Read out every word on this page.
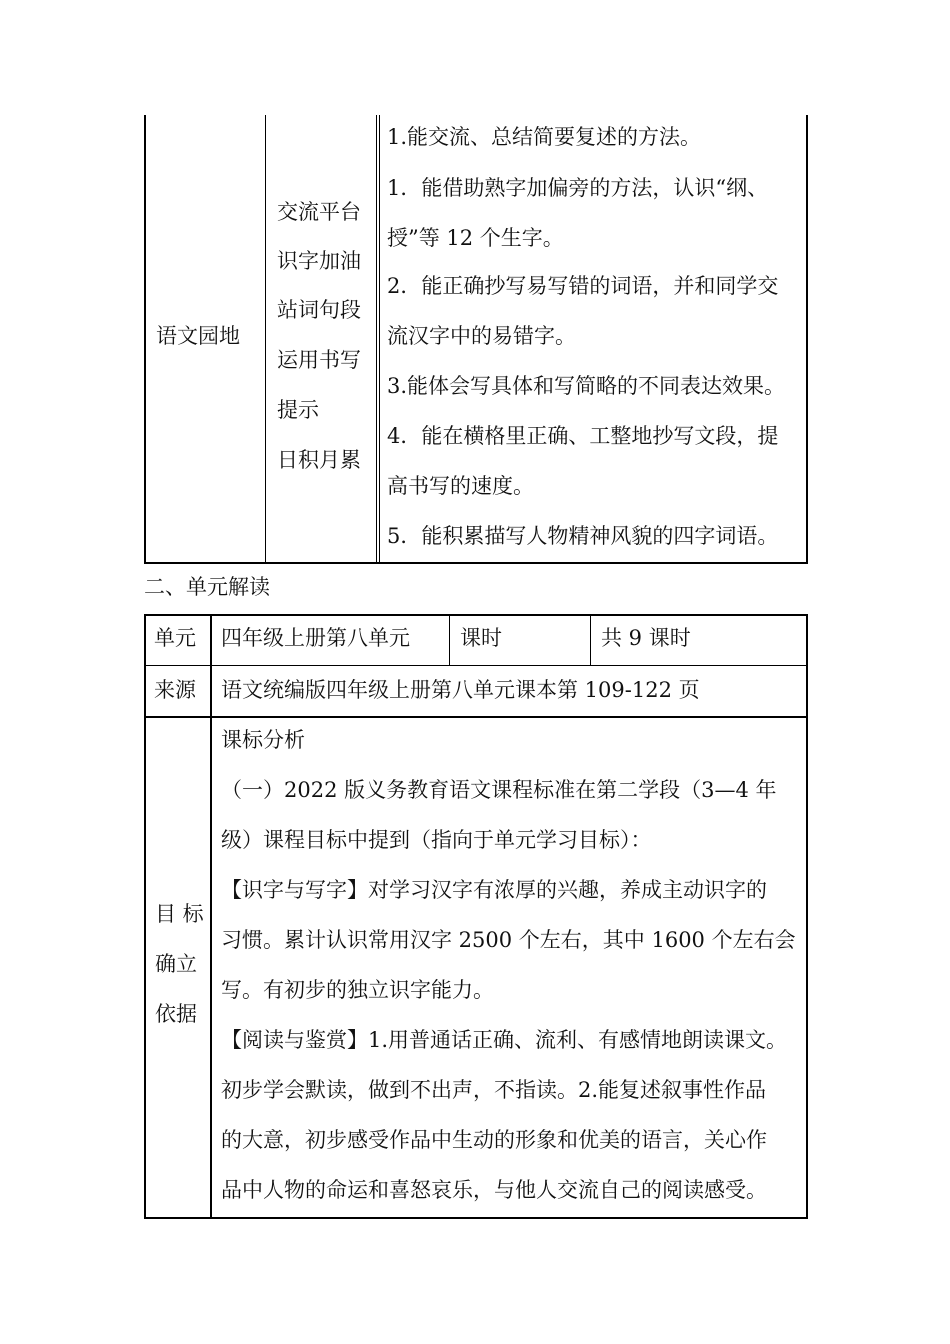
语文园地
交流平台
识字加油
站词句段
运用书写
提示
日积月累
1.能交流、总结简要复述的方法。
1．能借助熟字加偏旁的方法，认识“纲、
授”等 12 个生字。
2．能正确抄写易写错的词语，并和同学交
流汉字中的易错字。
3.能体会写具体和写简略的不同表达效果。
4．能在横格里正确、工整地抄写文段，提
高书写的速度。
5．能积累描写人物精神风貌的四字词语。
二、单元解读
单元 四年级上册第八单元 课时	共 9 课时
来源 语文统编版四年级上册第八单元课本第 109-122 页
目 标
确立
依据
课标分析
（一）2022 版义务教育语文课程标准在第二学段（3—4 年
级）课程目标中提到（指向于单元学习目标）：
【识字与写字】对学习汉字有浓厚的兴趣，养成主动识字的
习惯。累计认识常用汉字 2500 个左右，其中 1600 个左右会
写。有初步的独立识字能力。
【阅读与鉴赏】1.用普通话正确、流利、有感情地朗读课文。
初步学会默读，做到不出声，不指读。2.能复述叙事性作品
的大意，初步感受作品中生动的形象和优美的语言，关心作
品中人物的命运和喜怒哀乐，与他人交流自己的阅读感受。
